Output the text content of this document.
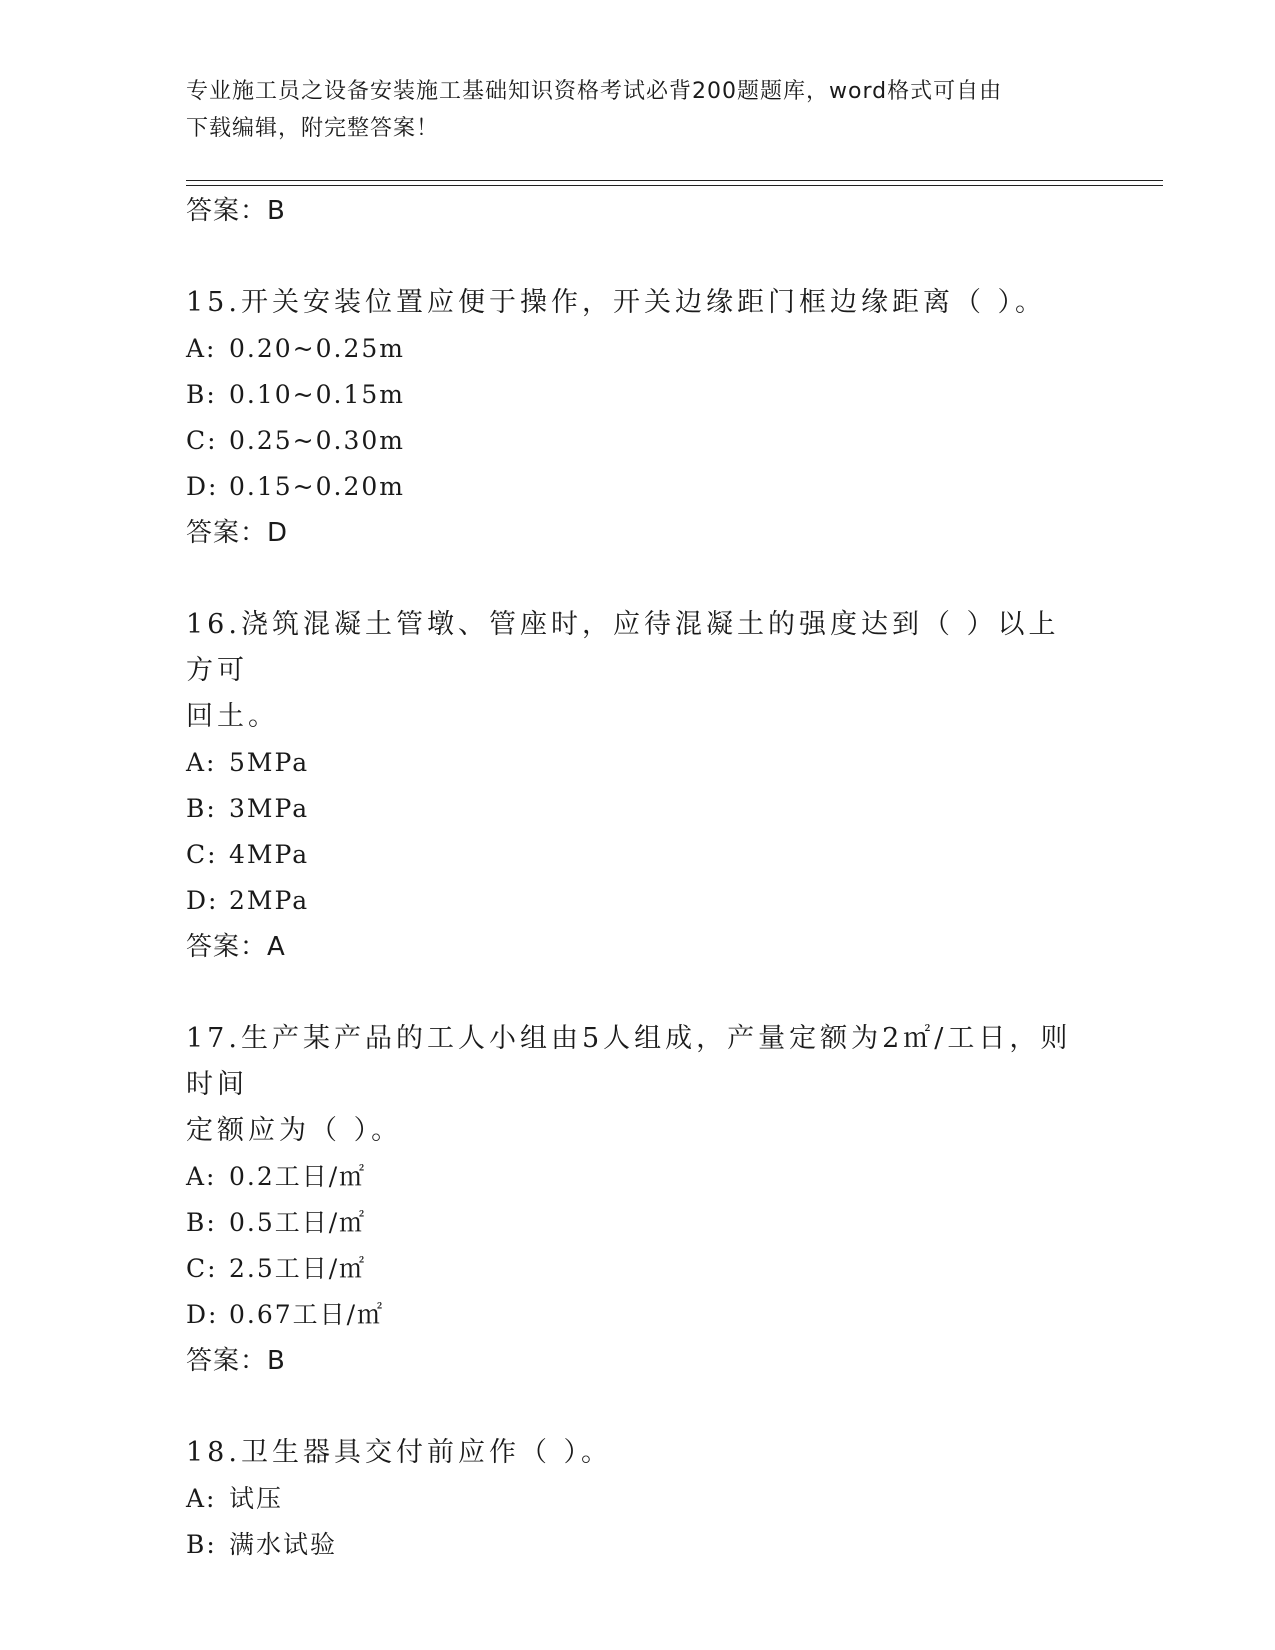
专业施工员之设备安装施工基础知识资格考试必背200题题库，word格式可自由
下载编辑，附完整答案！
答案：B
15.开关安装位置应便于操作，开关边缘距门框边缘距离（ ）。
A: 0.20~0.25m
B: 0.10~0.15m
C: 0.25~0.30m
D: 0.15~0.20m
答案：D
16.浇筑混凝土管墩、管座时，应待混凝土的强度达到（ ）以上方可
回土。
A: 5MPa
B: 3MPa
C: 4MPa
D: 2MPa
答案：A
17.生产某产品的工人小组由5人组成，产量定额为2㎡/工日，则时间
定额应为（ ）。
A: 0.2工日/㎡
B: 0.5工日/㎡
C: 2.5工日/㎡
D: 0.67工日/㎡
答案：B
18.卫生器具交付前应作（ ）。
A: 试压
B: 满水试验
